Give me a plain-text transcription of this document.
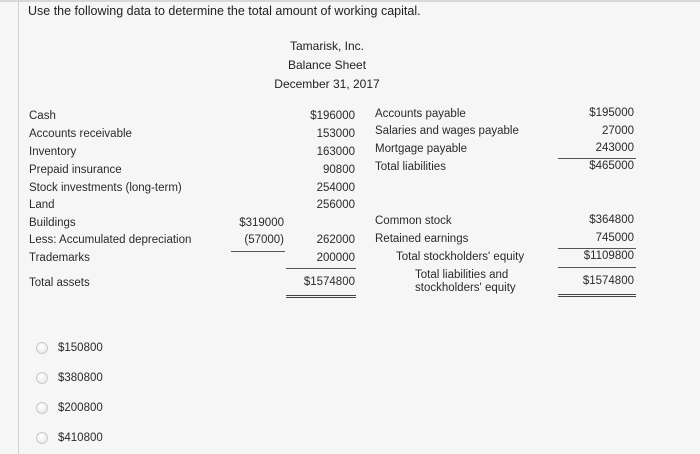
Use the following data to determine the total amount of working capital.
Tamarisk, Inc.
Balance Sheet
December 31, 2017
Cash
Accounts receivable
Inventory
Prepaid insurance
Stock investments (long-term)
Land
Buildings
Less: Accumulated depreciation
Trademarks
Total assets
$319000
(57000)
$196000
153000
163000
90800
254000
256000
262000
200000
$1574800
Accounts payable
Salaries and wages payable
Mortgage payable
Total liabilities
$195000
27000
243000
$465000
Common stock
Retained earnings
Total stockholders' equity
Total liabilities and
stockholders' equity
$364800
745000
$1109800
$1574800
$150800
$380800
$200800
$410800
